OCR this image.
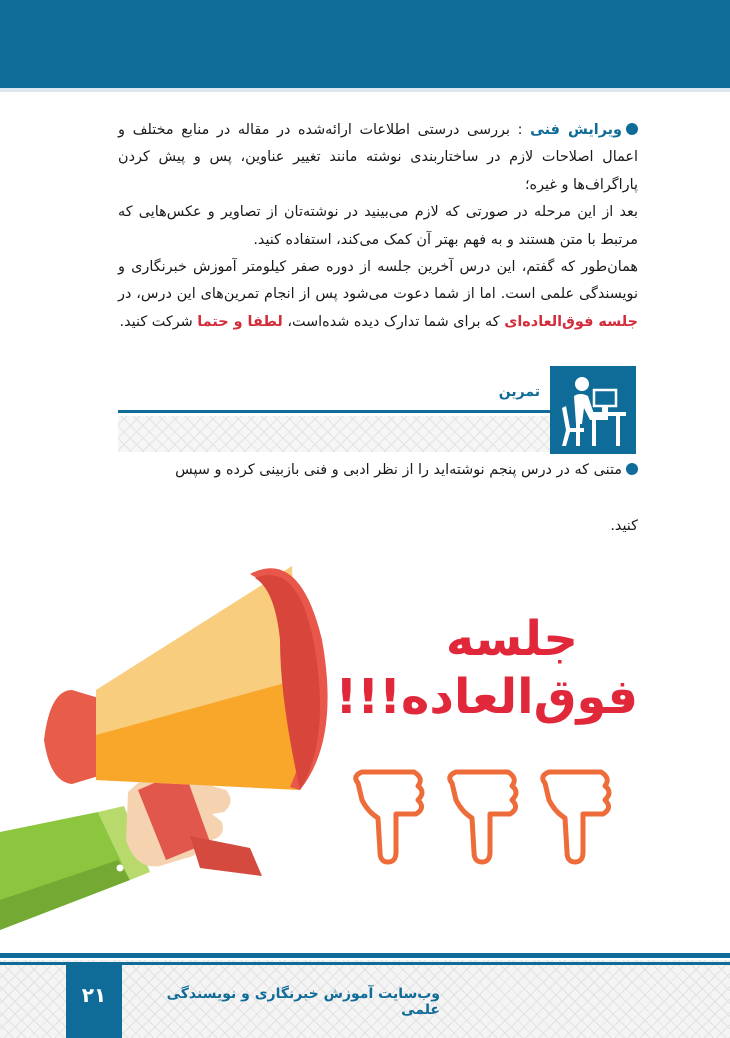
ویرایش فنی : بررسی درستی اطلاعات ارائه‌شده در مقاله در منابع مختلف و اعمال اصلاحات لازم در ساختاربندی نوشته مانند تغییر عناوین، پس و پیش کردن پاراگراف‌ها و غیره؛
بعد از این مرحله در صورتی که لازم می‌بینید در نوشته‌تان از تصاویر و عکس‌هایی که مرتبط با متن هستند و به فهم بهتر آن کمک می‌کند، استفاده کنید.
همان‌طور که گفتم، این درس آخرین جلسه از دوره صفر کیلومتر آموزش خبرنگاری و نویسندگی علمی است. اما از شما دعوت می‌شود پس از انجام تمرین‌های این درس، در جلسه فوق‌العاده‌ای که برای شما تدارک دیده شده‌است، لطفا و حتما شرکت کنید.
تمرین
متنی که در درس پنجم نوشته‌اید را از نظر ادبی و فنی بازبینی کرده و سپس
کنید.
جلسه
فوق‌العاده!!!
۲۱	وب‌سایت آموزش خبرنگاری و نویسندگی علمی
